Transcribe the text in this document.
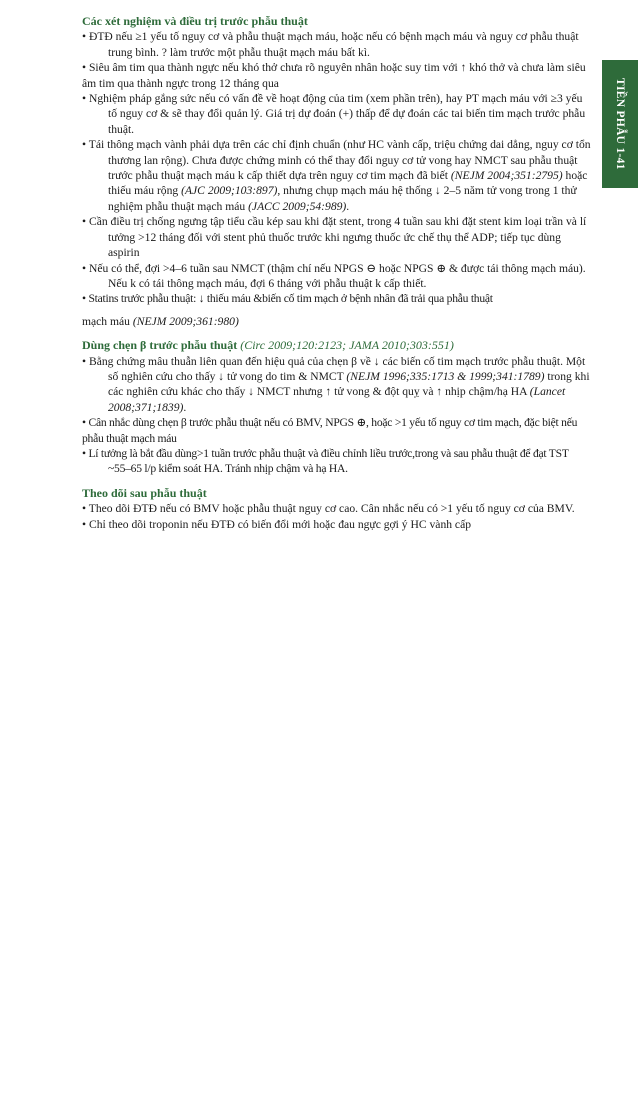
TIỀN PHẪU 1-41

Các xét nghiệm và điều trị trước phẫu thuật

• ĐTĐ nếu ≥1 yếu tố nguy cơ và phẫu thuật mạch máu, hoặc nếu có bệnh mạch máu và nguy cơ phẫu thuật trung bình. ? làm trước một phẫu thuật mạch máu bất kì.

• Siêu âm tim qua thành ngực nếu khó thở chưa rõ nguyên nhân hoặc suy tim với ↑ khó thở và chưa làm siêu âm tim qua thành ngực trong 12 tháng qua

• Nghiệm pháp gắng sức nếu có vấn đề về hoạt động của tim (xem phần trên), hay PT mạch máu với ≥3 yếu tố nguy cơ & sẽ thay đổi quản lý. Giá trị dự đoán (+) thấp để dự đoán các tai biến tim mạch trước phẫu thuật.

• Tái thông mạch vành phải dựa trên các chỉ định chuẩn (như HC vành cấp, triệu chứng dai dẳng, nguy cơ tổn thương lan rộng). Chưa được chứng minh có thể thay đổi nguy cơ tử vong hay NMCT sau phẫu thuật trước phẫu thuật mạch máu k cấp thiết dựa trên nguy cơ tim mạch đã biết (NEJM 2004;351:2795) hoặc thiếu máu rộng (AJC 2009;103:897), nhưng chụp mạch máu hệ thống ↓ 2–5 năm tử vong trong 1 thử nghiệm phẫu thuật mạch máu (JACC 2009;54:989).

• Cần điều trị chống ngưng tập tiểu cầu kép sau khi đặt stent, trong 4 tuần sau khi đặt stent kim loại trần và lí tưởng >12 tháng đối với stent phủ thuốc trước khi ngưng thuốc ức chế thụ thể ADP; tiếp tục dùng aspirin

• Nếu có thể, đợi >4–6 tuần sau NMCT (thậm chí nếu NPGS ⊖ hoặc NPGS ⊕ & được tái thông mạch máu). Nếu k có tái thông mạch máu, đợi 6 tháng với phẫu thuật k cấp thiết.

• Statins trước phẫu thuật: ↓ thiếu máu &biến cố tim mạch ở bệnh nhân đã trải qua phẫu thuật

mạch máu (NEJM 2009;361:980)

Dùng chẹn β trước phẫu thuật (Circ 2009;120:2123; JAMA 2010;303:551)

• Bằng chứng mâu thuẫn liên quan đến hiệu quả của chẹn β về ↓ các biến cố tim mạch trước phẫu thuật. Một số nghiên cứu cho thấy ↓ tử vong do tim & NMCT (NEJM 1996;335:1713 & 1999;341:1789) trong khi các nghiên cứu khác cho thấy ↓ NMCT nhưng ↑ tử vong & đột quỵ và ↑ nhịp chậm/hạ HA (Lancet 2008;371;1839).

• Cân nhắc dùng chẹn β trước phẫu thuật nếu có BMV, NPGS ⊕, hoặc >1 yếu tố nguy cơ tim mạch, đặc biệt nếu phẫu thuật mạch máu

• Lí tưởng là bắt đầu dùng>1 tuần trước phẫu thuật và điều chỉnh liều trước,trong và sau phẫu thuật để đạt TST ~55–65 l/p kiểm soát HA. Tránh nhịp chậm và hạ HA.

Theo dõi sau phẫu thuật

• Theo dõi ĐTĐ nếu có BMV hoặc phẫu thuật nguy cơ cao. Cân nhắc nếu có >1 yếu tố nguy cơ của BMV.

• Chỉ theo dõi troponin nếu ĐTĐ có biến đổi mới hoặc đau ngực gợi ý HC vành cấp
